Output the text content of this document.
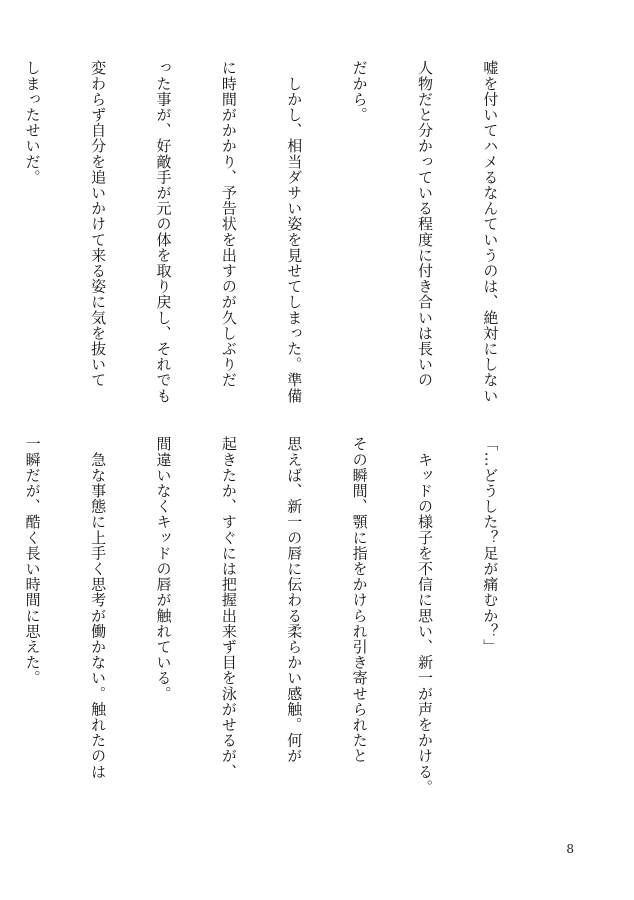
嘘を付いてハメるなんていうのは、絶対にしない

人物だと分かっている程度に付き合いは長いの

だから。

　しかし、相当ダサい姿を見せてしまった。準備

に時間がかかり、予告状を出すのが久しぶりだ

った事が、好敵手が元の体を取り戻し、それでも

変わらず自分を追いかけて来る姿に気を抜いて

しまったせいだ。

「…どうした？足が痛むか？」

　キッドの様子を不信に思い、新一が声をかける。

その瞬間、顎に指をかけられ引き寄せられたと

思えば、新一の唇に伝わる柔らかい感触。何が

起きたか、すぐには把握出来ず目を泳がせるが、

間違いなくキッドの唇が触れている。

　急な事態に上手く思考が働かない。触れたのは

一瞬だが、酷く長い時間に思えた。

8
